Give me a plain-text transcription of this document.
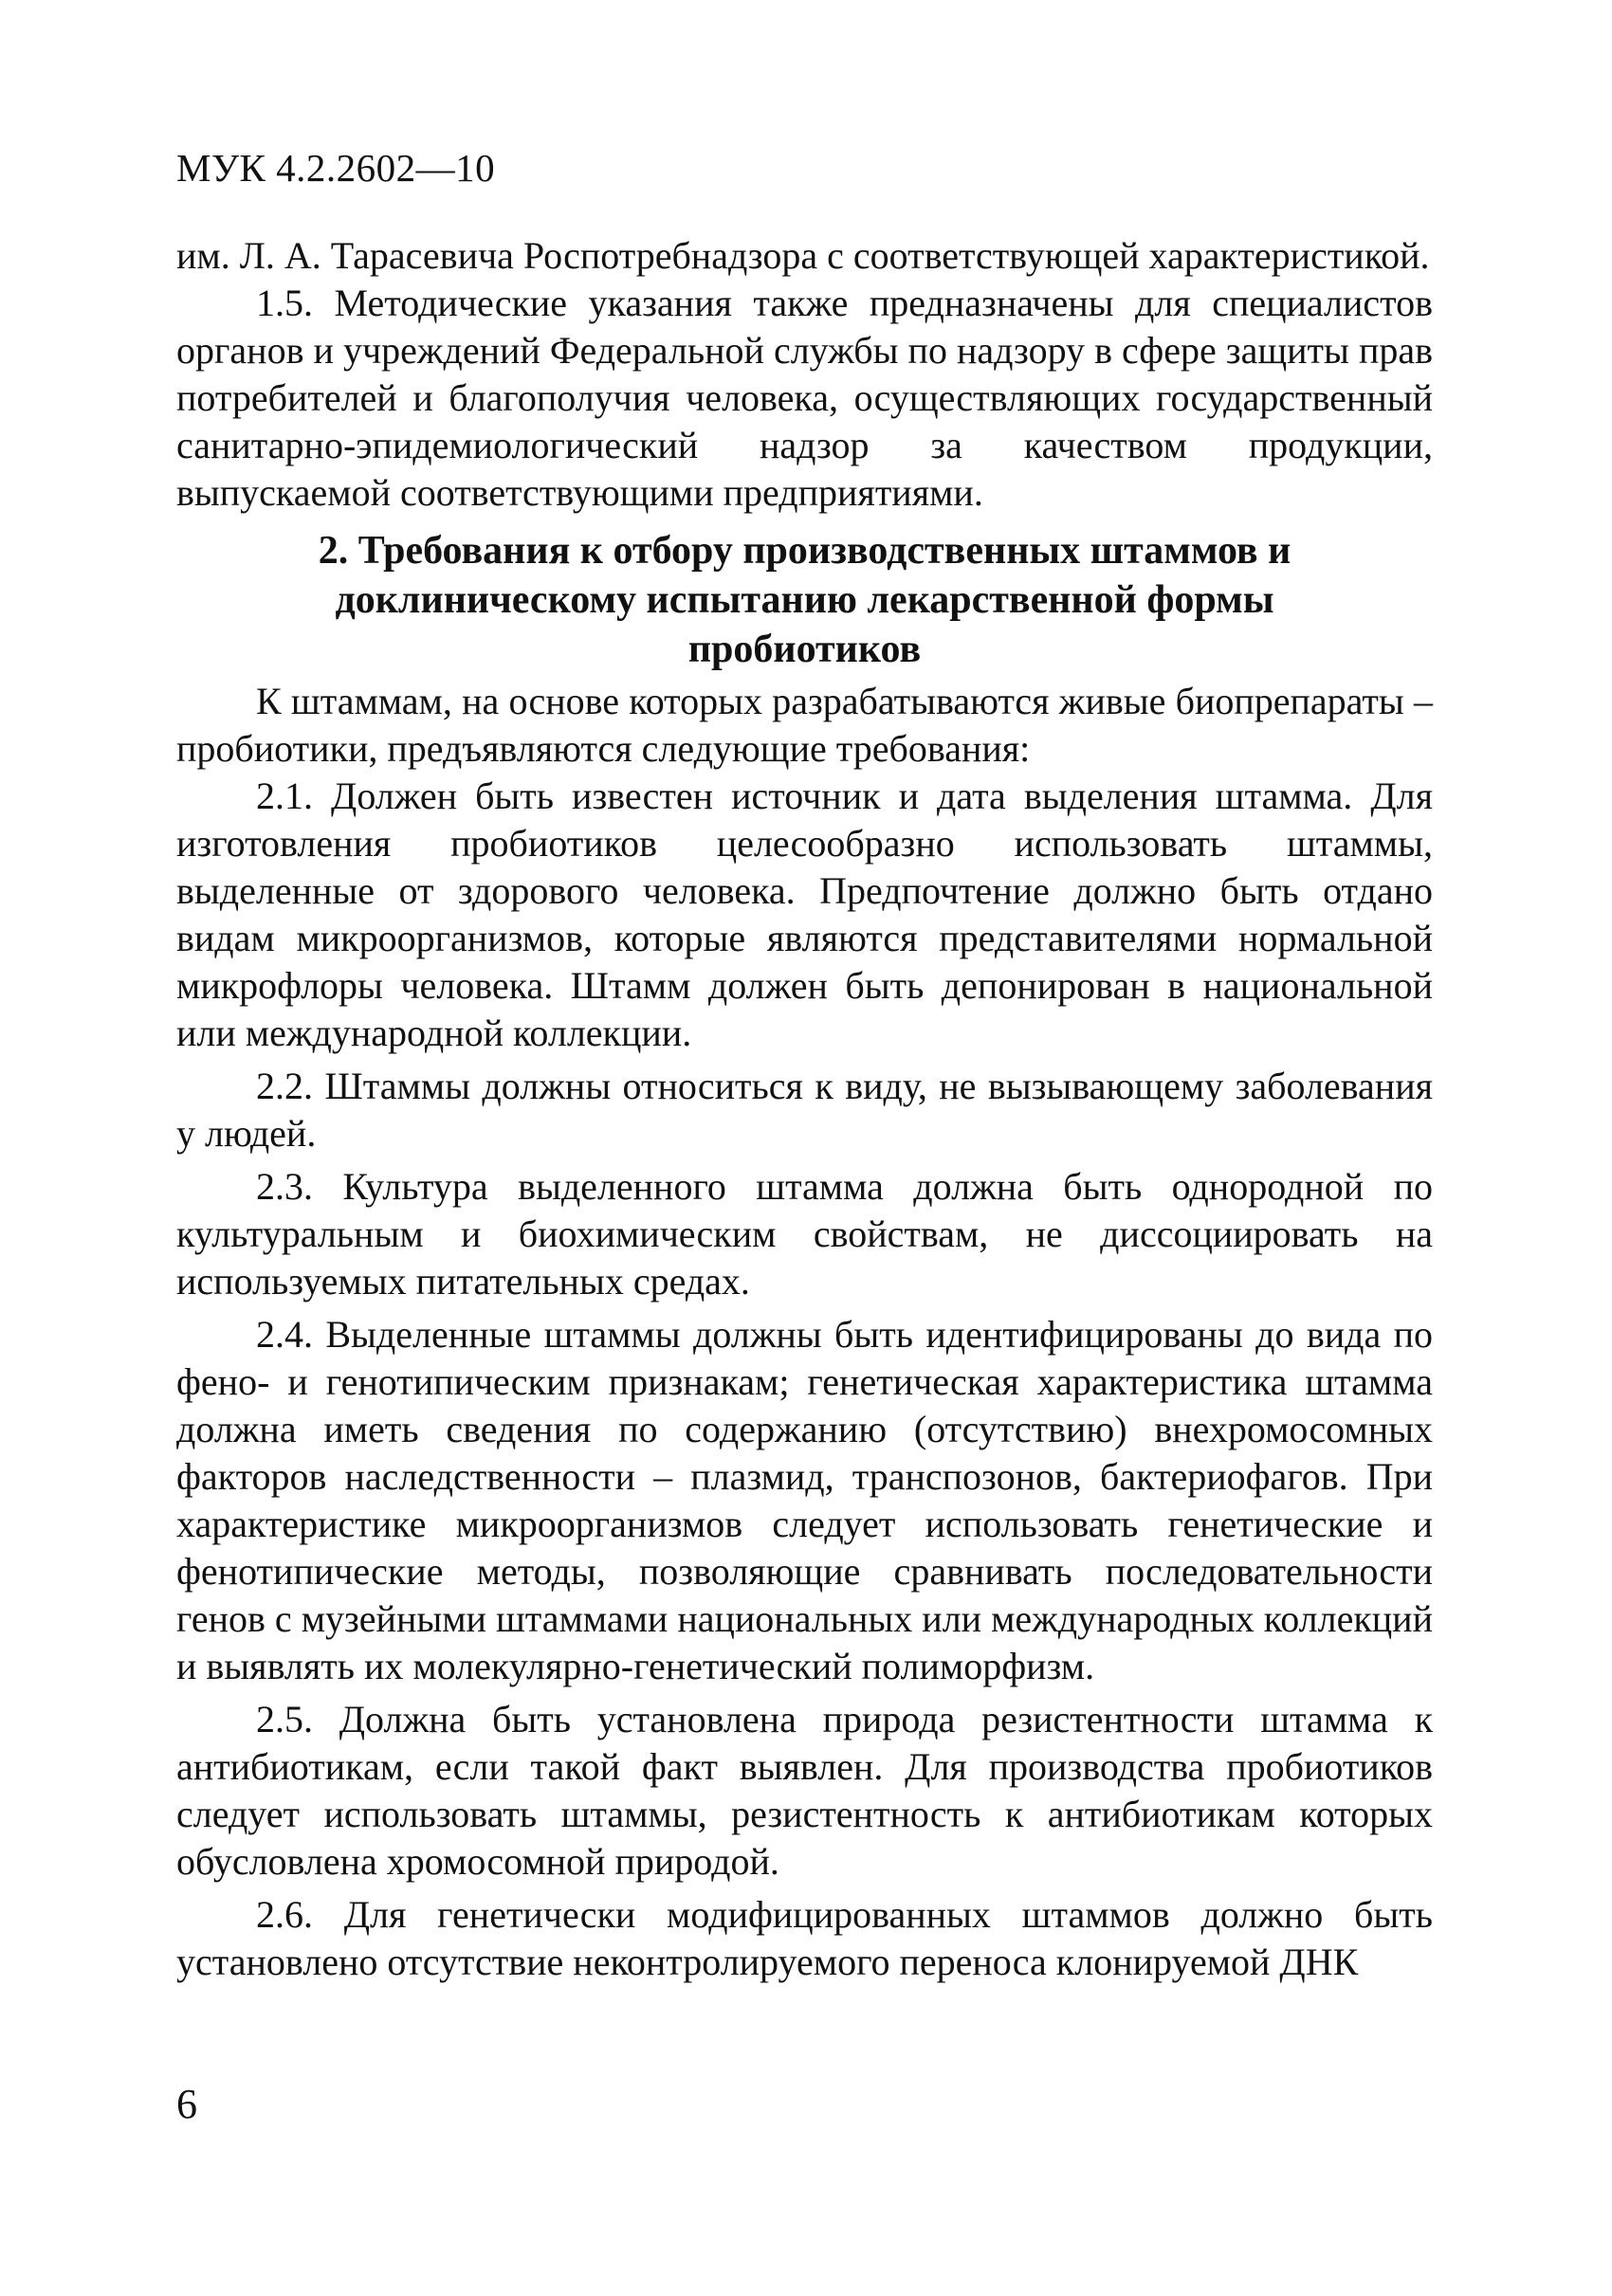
МУК 4.2.2602—10

им. Л. А. Тарасевича Роспотребнадзора с соответствующей характеристикой.

1.5. Методические указания также предназначены для специалистов органов и учреждений Федеральной службы по надзору в сфере защиты прав потребителей и благополучия человека, осуществляющих государственный санитарно-эпидемиологический надзор за качеством продукции, выпускаемой соответствующими предприятиями.

2. Требования к отбору производственных штаммов и
доклиническому испытанию лекарственной формы
пробиотиков

К штаммам, на основе которых разрабатываются живые биопрепараты – пробиотики, предъявляются следующие требования:

2.1. Должен быть известен источник и дата выделения штамма. Для изготовления пробиотиков целесообразно использовать штаммы, выделенные от здорового человека. Предпочтение должно быть отдано видам микроорганизмов, которые являются представителями нормальной микрофлоры человека. Штамм должен быть депонирован в национальной или международной коллекции.

2.2. Штаммы должны относиться к виду, не вызывающему заболевания у людей.

2.3. Культура выделенного штамма должна быть однородной по культуральным и биохимическим свойствам, не диссоциировать на используемых питательных средах.

2.4. Выделенные штаммы должны быть идентифицированы до вида по фено- и генотипическим признакам; генетическая характеристика штамма должна иметь сведения по содержанию (отсутствию) внехромосомных факторов наследственности – плазмид, транспозонов, бактериофагов. При характеристике микроорганизмов следует использовать генетические и фенотипические методы, позволяющие сравнивать последовательности генов с музейными штаммами национальных или международных коллекций и выявлять их молекулярно-генетический полиморфизм.

2.5. Должна быть установлена природа резистентности штамма к антибиотикам, если такой факт выявлен. Для производства пробиотиков следует использовать штаммы, резистентность к антибиотикам которых обусловлена хромосомной природой.

2.6. Для генетически модифицированных штаммов должно быть установлено отсутствие неконтролируемого переноса клонируемой ДНК

6
